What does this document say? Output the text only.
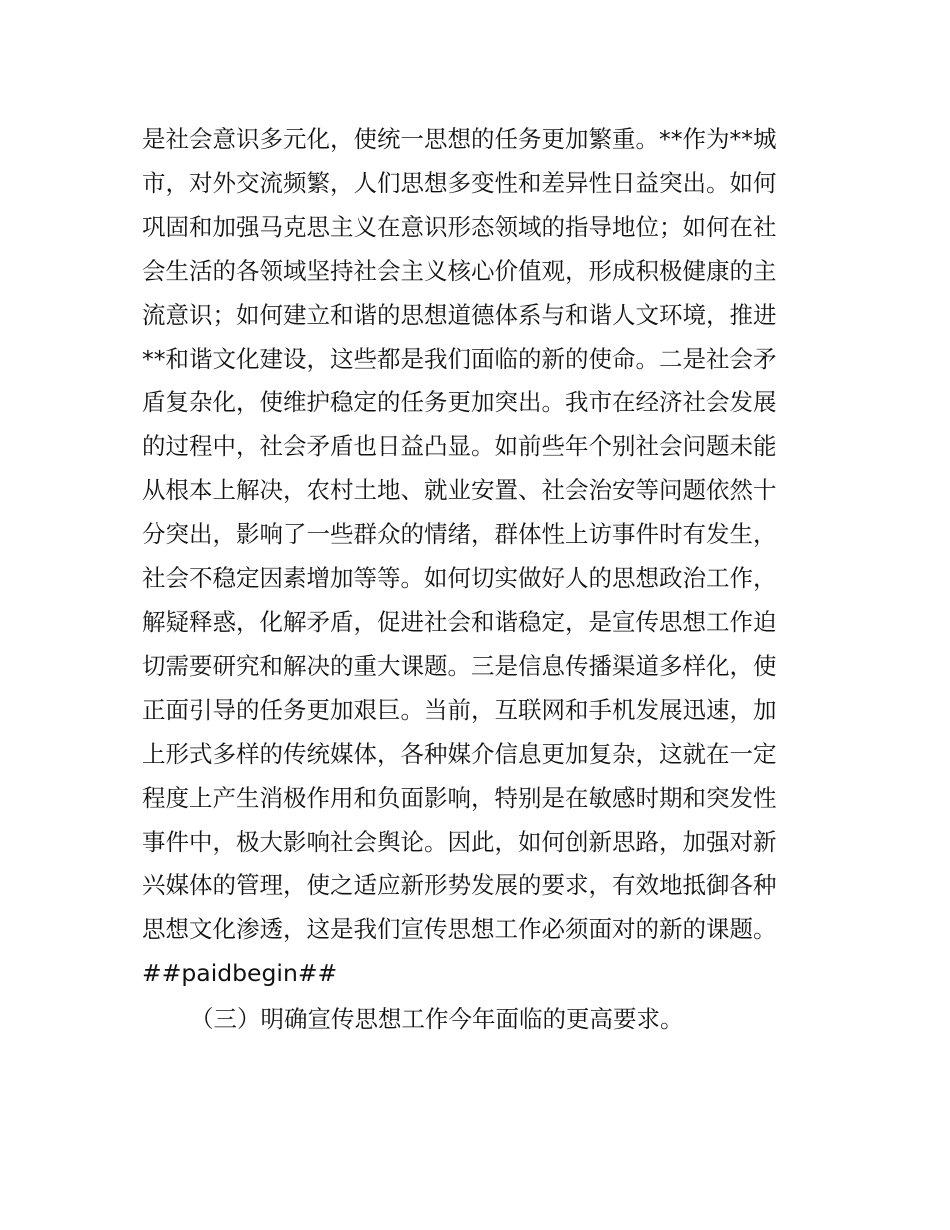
是社会意识多元化，使统一思想的任务更加繁重。**作为**城
市，对外交流频繁，人们思想多变性和差异性日益突出。如何
巩固和加强马克思主义在意识形态领域的指导地位；如何在社
会生活的各领域坚持社会主义核心价值观，形成积极健康的主
流意识；如何建立和谐的思想道德体系与和谐人文环境，推进
**和谐文化建设，这些都是我们面临的新的使命。二是社会矛
盾复杂化，使维护稳定的任务更加突出。我市在经济社会发展
的过程中，社会矛盾也日益凸显。如前些年个别社会问题未能
从根本上解决，农村土地、就业安置、社会治安等问题依然十
分突出，影响了一些群众的情绪，群体性上访事件时有发生，
社会不稳定因素增加等等。如何切实做好人的思想政治工作，
解疑释惑，化解矛盾，促进社会和谐稳定，是宣传思想工作迫
切需要研究和解决的重大课题。三是信息传播渠道多样化，使
正面引导的任务更加艰巨。当前，互联网和手机发展迅速，加
上形式多样的传统媒体，各种媒介信息更加复杂，这就在一定
程度上产生消极作用和负面影响，特别是在敏感时期和突发性
事件中，极大影响社会舆论。因此，如何创新思路，加强对新
兴媒体的管理，使之适应新形势发展的要求，有效地抵御各种
思想文化渗透，这是我们宣传思想工作必须面对的新的课题。
##paidbegin##

（三）明确宣传思想工作今年面临的更高要求。
